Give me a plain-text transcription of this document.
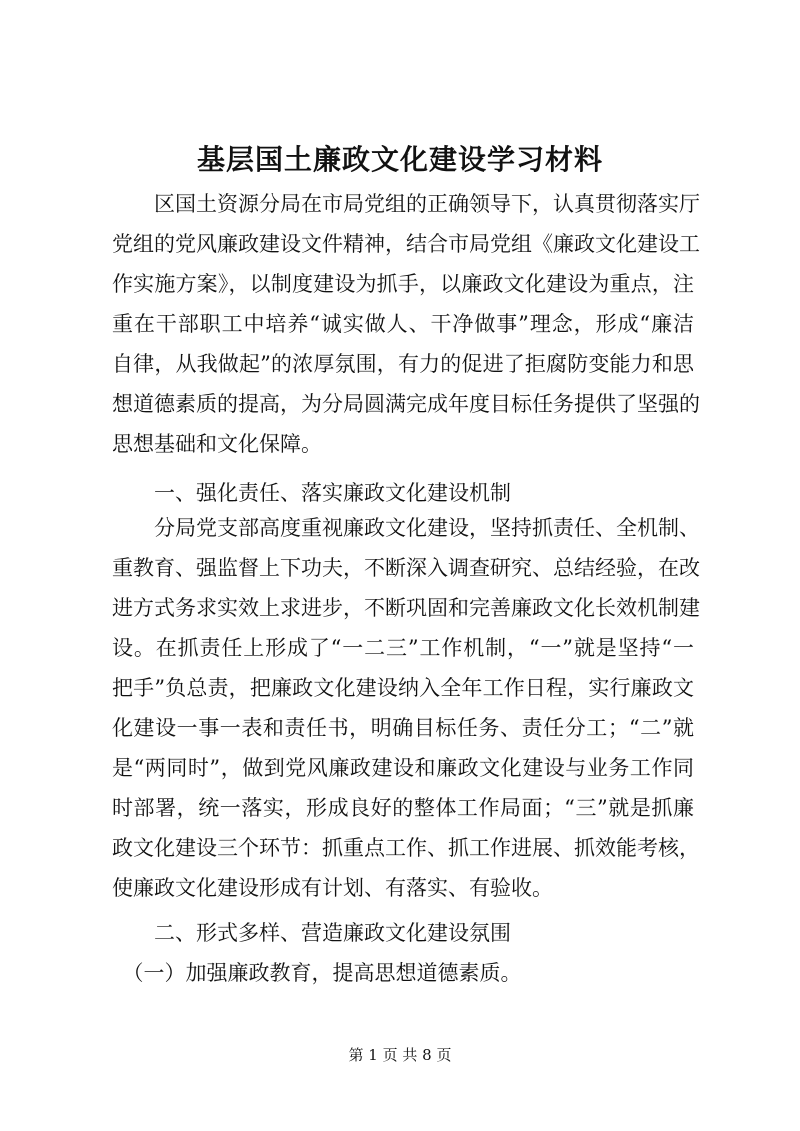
基层国土廉政文化建设学习材料
　　区国土资源分局在市局党组的正确领导下，认真贯彻落实厅
党组的党风廉政建设文件精神，结合市局党组《廉政文化建设工
作实施方案》，以制度建设为抓手，以廉政文化建设为重点，注
重在干部职工中培养“诚实做人、干净做事”理念，形成“廉洁
自律，从我做起”的浓厚氛围，有力的促进了拒腐防变能力和思
想道德素质的提高，为分局圆满完成年度目标任务提供了坚强的
思想基础和文化保障。
　　一、强化责任、落实廉政文化建设机制
　　分局党支部高度重视廉政文化建设，坚持抓责任、全机制、
重教育、强监督上下功夫，不断深入调查研究、总结经验，在改
进方式务求实效上求进步，不断巩固和完善廉政文化长效机制建
设。在抓责任上形成了“一二三”工作机制，“一”就是坚持“一
把手”负总责，把廉政文化建设纳入全年工作日程，实行廉政文
化建设一事一表和责任书，明确目标任务、责任分工；“二”就
是“两同时”，做到党风廉政建设和廉政文化建设与业务工作同
时部署，统一落实，形成良好的整体工作局面；“三”就是抓廉
政文化建设三个环节：抓重点工作、抓工作进展、抓效能考核，
使廉政文化建设形成有计划、有落实、有验收。
　　二、形式多样、营造廉政文化建设氛围
　（一）加强廉政教育，提高思想道德素质。
第 1 页 共 8 页
